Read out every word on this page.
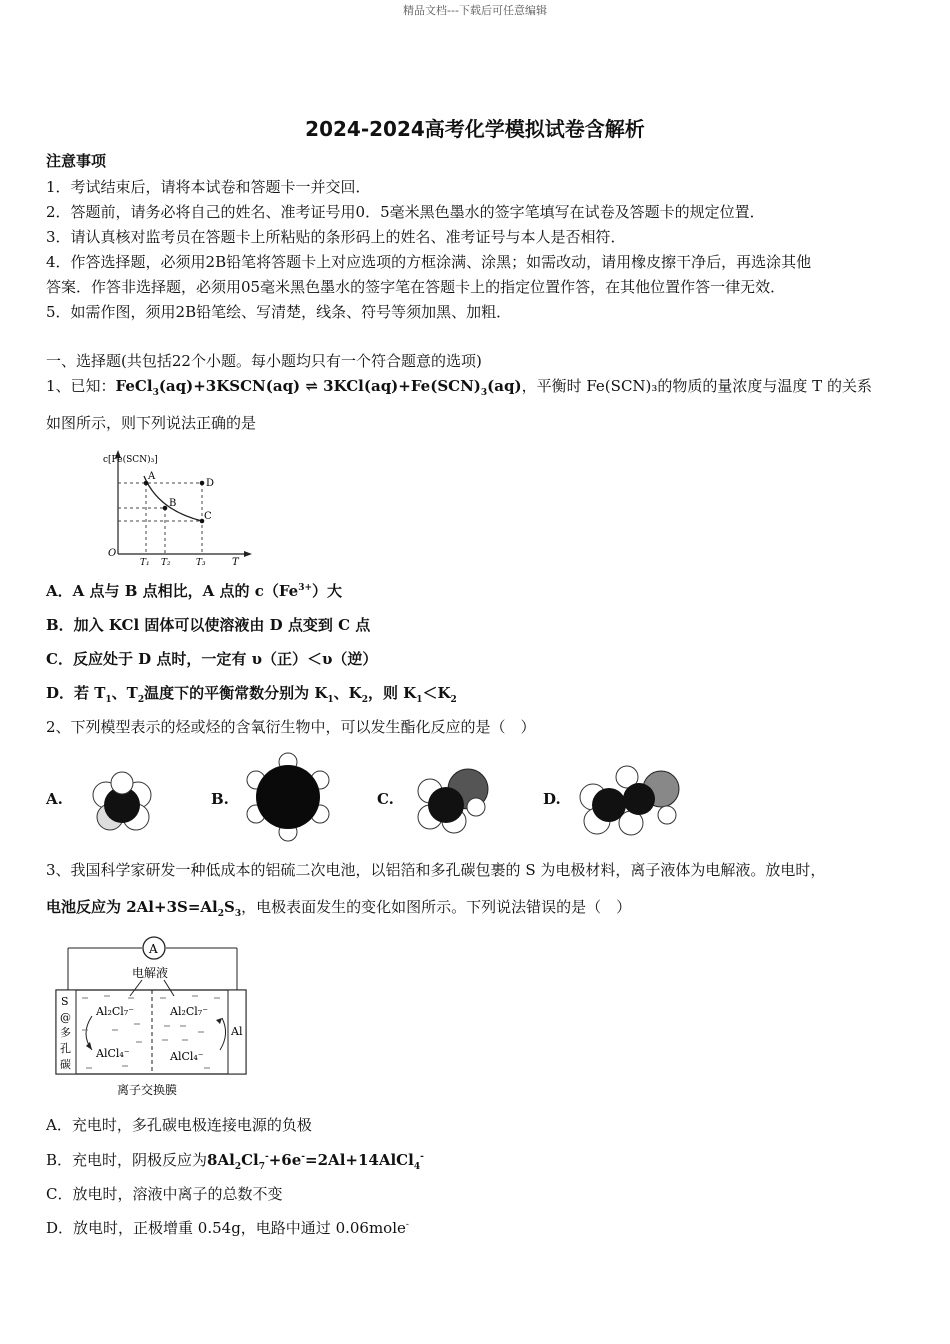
精品文档---下载后可任意编辑
2024-2024高考化学模拟试卷含解析
注意事项
1．考试结束后，请将本试卷和答题卡一并交回．
2．答题前，请务必将自己的姓名、准考证号用0．5毫米黑色墨水的签字笔填写在试卷及答题卡的规定位置．
3．请认真核对监考员在答题卡上所粘贴的条形码上的姓名、准考证号与本人是否相符．
4．作答选择题，必须用2B铅笔将答题卡上对应选项的方框涂满、涂黑；如需改动，请用橡皮擦干净后，再选涂其他
答案．作答非选择题，必须用05毫米黑色墨水的签字笔在答题卡上的指定位置作答，在其他位置作答一律无效．
5．如需作图，须用2B铅笔绘、写清楚，线条、符号等须加黑、加粗．
一、选择题(共包括22个小题。每小题均只有一个符合题意的选项)
1、已知：FeCl$_3$(aq)+3KSCN(aq) ⇌ $3KCl(aq)+Fe(SCN)_3(aq)$，平衡时 Fe(SCN)₃的物质的量浓度与温度 T 的关系
如图所示，则下列说法正确的是
c[Fe(SCN)₃]
O
T
A
B
C
D
T₁ T₂	T₃
A．A 点与 B 点相比，A 点的 $c(Fe^{3+})$大
B．加入 KCl 固体可以使溶液由 D 点变到 C 点
C．反应处于 D 点时，一定有 υ（正）＜υ（逆）
D．若 $T_1$、$T_2$温度下的平衡常数分别为 $K_1$、$K_2$，则 $K_1<K_2$
2、下列模型表示的烃或烃的含氧衍生物中，可以发生酯化反应的是（　）
A.	B.	C.	D.
3、我国科学家研发一种低成本的铝硫二次电池，以铝箔和多孔碳包裹的 S 为电极材料，离子液体为电解液。放电时，
电池反应为 $2Al+3S=Al_2S_3$，电极表面发生的变化如图所示。下列说法错误的是（　）
A
电解液
S
@
多
孔
碳
Al
Al₂Cl₇⁻
AlCl₄⁻
Al₂Cl₇⁻
AlCl₄⁻
离子交换膜
A．充电时，多孔碳电极连接电源的负极
B．充电时，阴极反应为$8Al_2Cl_7^-+6e^-=2Al+14AlCl_4^-$
C．放电时，溶液中离子的总数不变
D．放电时，正极增重 0.54g，电路中通过 0.06mole-
